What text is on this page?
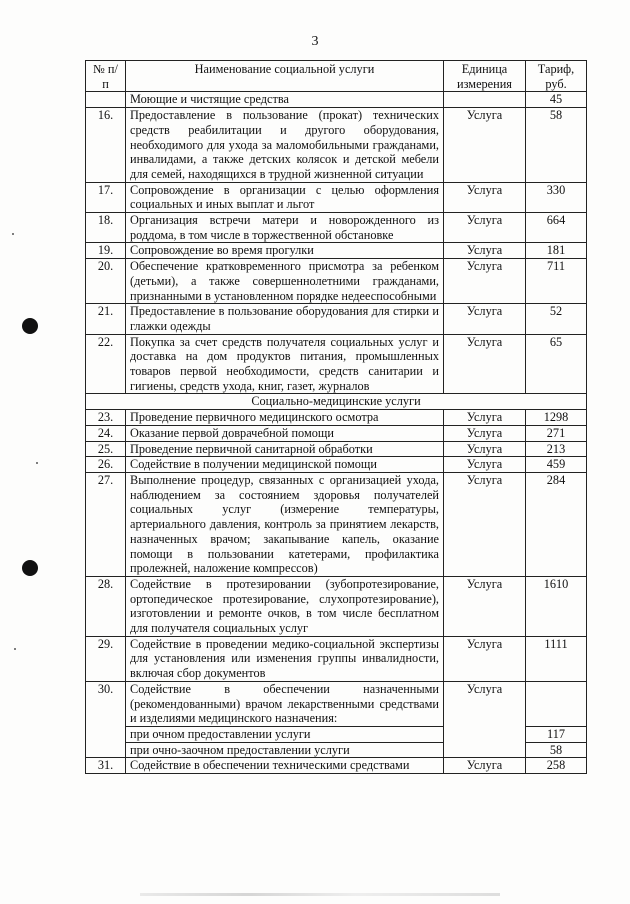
3
№ п/п	Наименование социальной услуги	Единица измерения	Тариф, руб.
	Моющие и чистящие средства		45
16.	Предоставление в пользование (прокат) технических средств реабилитации и другого оборудования, необходимого для ухода за маломобильными гражданами, инвалидами, а также детских колясок и детской мебели для семей, находящихся в трудной жизненной ситуации	Услуга	58
17.	Сопровождение в организации с целью оформления социальных и иных выплат и льгот	Услуга	330
18.	Организация встречи матери и новорожденного из роддома, в том числе в торжественной обстановке	Услуга	664
19.	Сопровождение во время прогулки	Услуга	181
20.	Обеспечение кратковременного присмотра за ребенком (детьми), а также совершеннолетними гражданами, признанными в установленном порядке недееспособными	Услуга	711
21.	Предоставление в пользование оборудования для стирки и глажки одежды	Услуга	52
22.	Покупка за счет средств получателя социальных услуг и доставка на дом продуктов питания, промышленных товаров первой необходимости, средств санитарии и гигиены, средств ухода, книг, газет, журналов	Услуга	65
Социально-медицинские услуги			
23.	Проведение первичного медицинского осмотра	Услуга	1298
24.	Оказание первой доврачебной помощи	Услуга	271
25.	Проведение первичной санитарной обработки	Услуга	213
26.	Содействие в получении медицинской помощи	Услуга	459
27.	Выполнение процедур, связанных с организацией ухода, наблюдением за состоянием здоровья получателей социальных услуг (измерение температуры, артериального давления, контроль за принятием лекарств, назначенных врачом; закапывание капель, оказание помощи в пользовании катетерами, профилактика пролежней, наложение компрессов)	Услуга	284
28.	Содействие в протезировании (зубопротезирование, ортопедическое протезирование, слухопротезирование), изготовлении и ремонте очков, в том числе бесплатном для получателя социальных услуг	Услуга	1610
29.	Содействие в проведении медико-социальной экспертизы для установления или изменения группы инвалидности, включая сбор документов	Услуга	1111
30.	Содействие в обеспечении назначенными (рекомендованными) врачом лекарственными средствами и изделиями медицинского назначения:	Услуга	
	при очном предоставлении услуги		117
	при очно-заочном предоставлении услуги		58
31.	Содействие в обеспечении техническими средствами	Услуга	258
